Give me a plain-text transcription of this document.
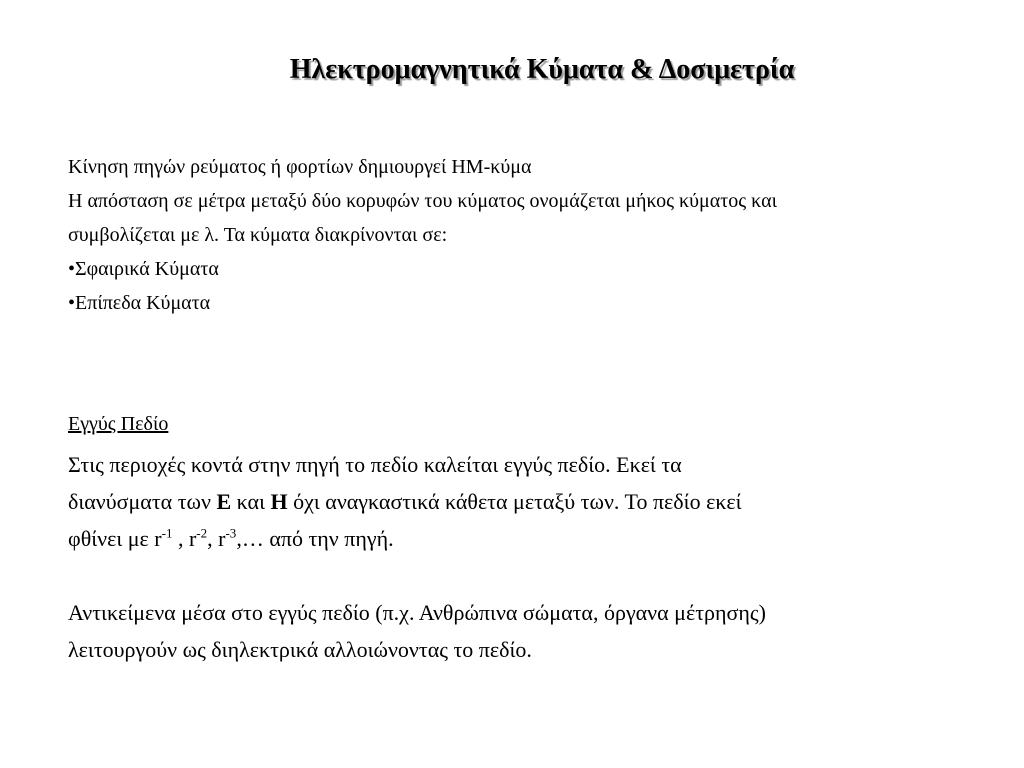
Ηλεκτρομαγνητικά Κύματα & Δοσιμετρία

Κίνηση πηγών ρεύματος ή φορτίων δημιουργεί ΗΜ-κύμα

Η απόσταση σε μέτρα μεταξύ δύο κορυφών του κύματος ονομάζεται μήκος κύματος και

συμβολίζεται με λ. Τα κύματα διακρίνονται σε:

•Σφαιρικά Κύματα

•Επίπεδα Κύματα

Εγγύς Πεδίο

Στις περιοχές κοντά στην πηγή το πεδίο καλείται εγγύς πεδίο. Εκεί τα

διανύσματα των Ε και Η όχι αναγκαστικά κάθετα μεταξύ των. Το πεδίο εκεί

φθίνει με $r^{-1}$ , $r^{-2}$, $r^{-3},\dots$ από την πηγή.

Αντικείμενα μέσα στο εγγύς πεδίο (π.χ. Ανθρώπινα σώματα, όργανα μέτρησης)

λειτουργούν ως διηλεκτρικά αλλοιώνοντας το πεδίο.
